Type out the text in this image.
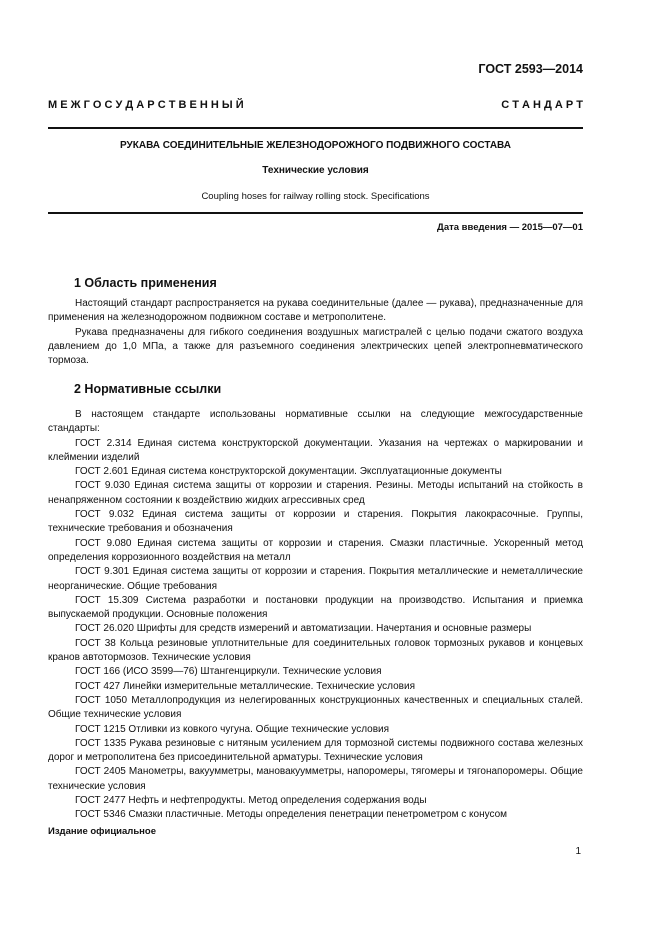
ГОСТ 2593—2014
М Е Ж Г О С У Д А Р С Т В Е Н Н Ы Й	С Т А Н Д А Р Т
РУКАВА СОЕДИНИТЕЛЬНЫЕ ЖЕЛЕЗНОДОРОЖНОГО ПОДВИЖНОГО СОСТАВА
Технические условия
Coupling hoses for railway rolling stock. Specifications
Дата введения — 2015—07—01
1 Область применения

Настоящий стандарт распространяется на рукава соединительные (далее — рукава), предназначенные для применения на железнодорожном подвижном составе и метрополитене.

Рукава предназначены для гибкого соединения воздушных магистралей с целью подачи сжатого воздуха давлением до 1,0 МПа, а также для разъемного соединения электрических цепей электропневматического тормоза.

2 Нормативные ссылки

В настоящем стандарте использованы нормативные ссылки на следующие межгосударственные стандарты:

ГОСТ 2.314 Единая система конструкторской документации. Указания на чертежах о маркировании и клеймении изделий

ГОСТ 2.601 Единая система конструкторской документации. Эксплуатационные документы

ГОСТ 9.030 Единая система защиты от коррозии и старения. Резины. Методы испытаний на стойкость в ненапряженном состоянии к воздействию жидких агрессивных сред

ГОСТ 9.032 Единая система защиты от коррозии и старения. Покрытия лакокрасочные. Группы, технические требования и обозначения

ГОСТ 9.080 Единая система защиты от коррозии и старения. Смазки пластичные. Ускоренный метод определения коррозионного воздействия на металл

ГОСТ 9.301 Единая система защиты от коррозии и старения. Покрытия металлические и неметаллические неорганические. Общие требования

ГОСТ 15.309 Система разработки и постановки продукции на производство. Испытания и приемка выпускаемой продукции. Основные положения

ГОСТ 26.020 Шрифты для средств измерений и автоматизации. Начертания и основные размеры

ГОСТ 38 Кольца резиновые уплотнительные для соединительных головок тормозных рукавов и концевых кранов автотормозов. Технические условия

ГОСТ 166 (ИСО 3599—76) Штангенциркули. Технические условия

ГОСТ 427 Линейки измерительные металлические. Технические условия

ГОСТ 1050 Металлопродукция из нелегированных конструкционных качественных и специальных сталей. Общие технические условия

ГОСТ 1215 Отливки из ковкого чугуна. Общие технические условия

ГОСТ 1335 Рукава резиновые с нитяным усилением для тормозной системы подвижного состава железных дорог и метрополитена без присоединительной арматуры. Технические условия

ГОСТ 2405 Манометры, вакуумметры, мановакуумметры, напоромеры, тягомеры и тягонапоромеры. Общие технические условия

ГОСТ 2477 Нефть и нефтепродукты. Метод определения содержания воды

ГОСТ 5346 Смазки пластичные. Методы определения пенетрации пенетрометром с конусом

Издание официальное
1
